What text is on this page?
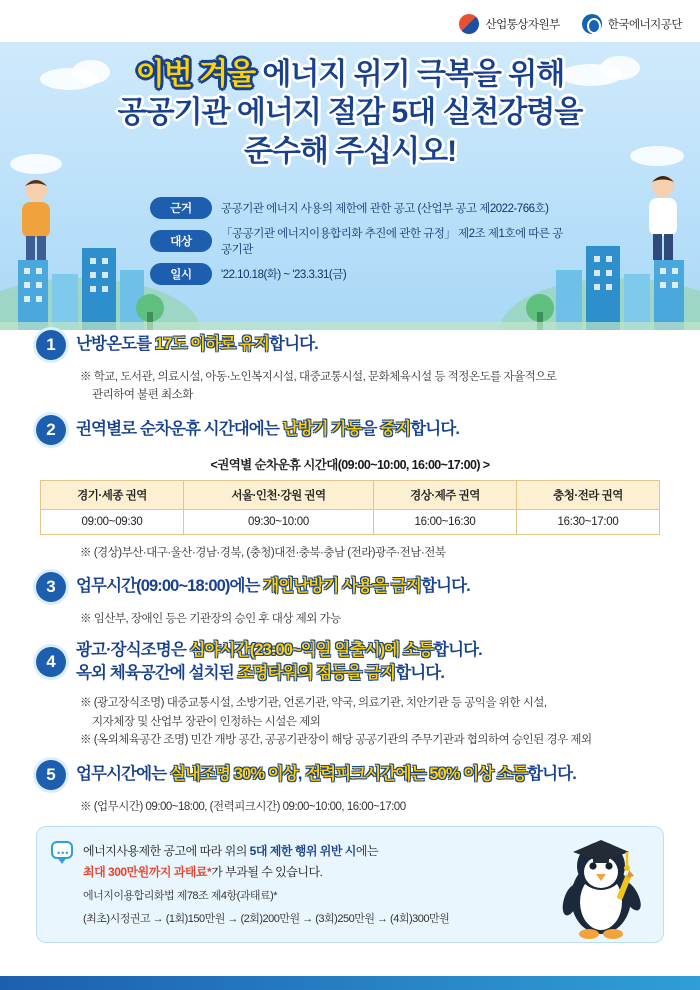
산업통상자원부	한국에너지공단
이번 겨울 에너지 위기 극복을 위해
공공기관 에너지 절감 5대 실천강령을
준수해 주십시오!
근거	공공기관 에너지 사용의 제한에 관한 공고 (산업부 공고 제2022-766호)
대상
「공공기관 에너지이용합리화 추진에 관한 규정」 제2조 제1호에 따른 공공기관
일시	'22.10.18(화) ~ '23.3.31(금)
1	난방온도를 17도 이하로 유지합니다.
※ 학교, 도서관, 의료시설, 아동·노인복지시설, 대중교통시설, 문화체육시설 등 적정온도를 자율적으로
관리하여 불편 최소화
2	권역별로 순차운휴 시간대에는 난방기 가동을 중지합니다.
<권역별 순차운휴 시간대(09:00~10:00, 16:00~17:00) >
경기·세종 권역	서울·인천·강원 권역	경상·제주 권역	충청·전라 권역
09:00~09:30	09:30~10:00	16:00~16:30	16:30~17:00
※ (경상)부산·대구·울산·경남·경북, (충청)대전·충북·충남 (전라)광주·전남·전북
3	업무시간(09:00~18:00)에는 개인난방기 사용을 금지합니다.
※ 임산부, 장애인 등은 기관장의 승인 후 대상 제외 가능
4
광고·장식조명은 심야시간(23:00~익일 일출시)에 소등합니다.
옥외 체육공간에 설치된 조명타워의 점등을 금지합니다.
※ (광고장식조명) 대중교통시설, 소방기관, 언론기관, 약국, 의료기관, 치안기관 등 공익을 위한 시설,
지자체장 및 산업부 장관이 인정하는 시설은 제외
※ (옥외체육공간 조명) 민간 개방 공간, 공공기관장이 해당 공공기관의 주무기관과 협의하여 승인된 경우 제외
5	업무시간에는 실내조명 30% 이상, 전력피크시간에는 50% 이상 소등합니다.
※ (업무시간) 09:00~18:00, (전력피크시간) 09:00~10:00, 16:00~17:00
••• 에너지사용제한 공고에 따라 위의 5대 제한 행위 위반 시에는
최대 300만원까지 과태료*가 부과될 수 있습니다.
에너지이용합리화법 제78조 제4항(과태료)*
(최초)시정권고 → (1회)150만원 → (2회)200만원 → (3회)250만원 → (4회)300만원
